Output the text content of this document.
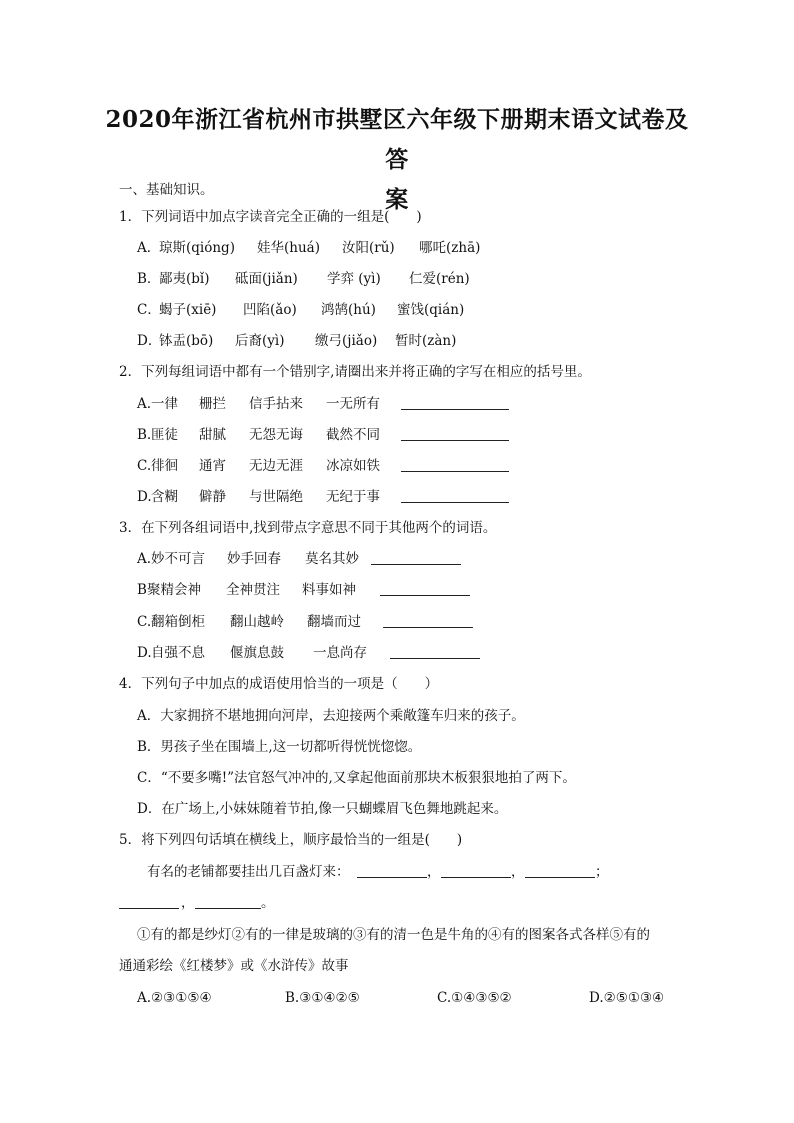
2020年浙江省杭州市拱墅区六年级下册期末语文试卷及答
案
一、基础知识。
1．下列词语中加点字读音完全正确的一组是(　　)
A．
琼斯(qióng) 娃华(huá) 汝阳(rǔ) 哪吒(zhā)
B．
鄙夷(bǐ) 砥面(jiǎn) 学弈 (yì) 仁爱(rén)
C．
蝎子(xiē) 凹陷(ǎo) 鸿鹄(hú) 蜜饯(qián)
D．
钵盂(bō) 后裔(yì) 缴弓(jiǎo) 暂时(zàn)
2．下列每组词语中都有一个错别字,请圈出来并将正确的字写在相应的括号里。
A. 一律 栅拦 信手拈来 一无所有
B. 匪徒 甜腻 无怨无诲 截然不同
C. 徘徊 通宵 无边无涯 冰凉如铁
D. 含糊 僻静 与世隔绝 无纪于事
3．在下列各组词语中,找到带点字意思不同于其他两个的词语。
A. 妙不可言 妙手回春 莫名其妙
B 聚精会神 全神贯注 料事如神
C. 翻箱倒柜 翻山越岭 翻墙而过
D. 自强不息 偃旗息鼓 一息尚存
4．下列句子中加点的成语使用恰当的一项是（　　）
A．大家拥挤不堪地拥向河岸，去迎接两个乘敞篷车归来的孩子。
B．男孩子坐在围墙上,这一切都听得恍恍惚惚。
C．“不要多嘴!”法官怒气冲冲的,又拿起他面前那块木板狠狠地拍了两下。
D．在广场上,小妹妹随着节拍,像一只蝴蝶眉飞色舞地跳起来。
5．将下列四句话填在横线上，顺序最恰当的一组是(　　)
有名的老铺都要挂出几百盏灯来：	，	，	；
，	。
①有的都是纱灯②有的一律是玻璃的③有的清一色是牛角的④有的图案各式各样⑤有的
通通彩绘《红楼梦》或《水浒传》故事
A.②③①⑤④	B.③①④②⑤	C.①④③⑤②	D.②⑤①③④
